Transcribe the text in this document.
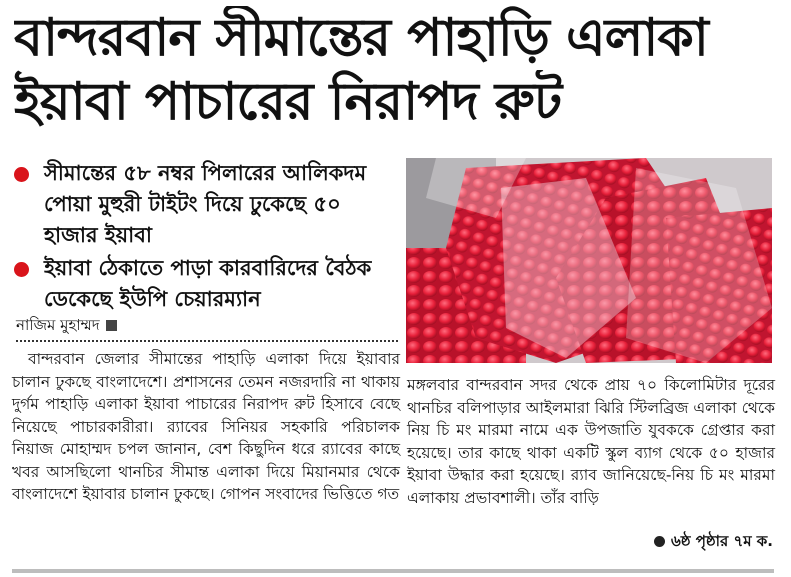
বান্দরবান সীমান্তের পাহাড়ি এলাকা
ইয়াবা পাচারের নিরাপদ রুট
সীমান্তের ৫৮ নম্বর পিলারের আলিকদম পোয়া মুহুরী টাইটং দিয়ে ঢুকেছে ৫০ হাজার ইয়াবা
ইয়াবা ঠেকাতে পাড়া কারবারিদের বৈঠক ডেকেছে ইউপি চেয়ারম্যান
নাজিম মুহাম্মদ

বান্দরবান জেলার সীমান্তের পাহাড়ি এলাকা দিয়ে ইয়াবার চালান ঢুকছে বাংলাদেশে। প্রশাসনের তেমন নজরদারি না থাকায় দুর্গম পাহাড়ি এলাকা ইয়াবা পাচারের নিরাপদ রুট হিসাবে বেছে নিয়েছে পাচারকারীরা। র‍্যাবের সিনিয়র সহকারি পরিচালক নিয়াজ মোহাম্মদ চপল জানান, বেশ কিছুদিন ধরে র‍্যাবের কাছে খবর আসছিলো থানচির সীমান্ত এলাকা দিয়ে মিয়ানমার থেকে বাংলাদেশে ইয়াবার চালান ঢুকছে। গোপন সংবাদের ভিত্তিতে গত

মঙ্গলবার বান্দরবান সদর থেকে প্রায় ৭০ কিলোমিটার দূরের থানচির বলিপাড়ার আইলমারা ঝিরি স্টিলব্রিজ এলাকা থেকে নিয় চি মং মারমা নামে এক উপজাতি যুবককে গ্রেপ্তার করা হয়েছে। তার কাছে থাকা একটি স্কুল ব্যাগ থেকে ৫০ হাজার ইয়াবা উদ্ধার করা হয়েছে। র‍্যাব জানিয়েছে-নিয় চি মং মারমা এলাকায় প্রভাবশালী। তাঁর বাড়ি

৬ষ্ঠ পৃষ্ঠার ৭ম ক.
